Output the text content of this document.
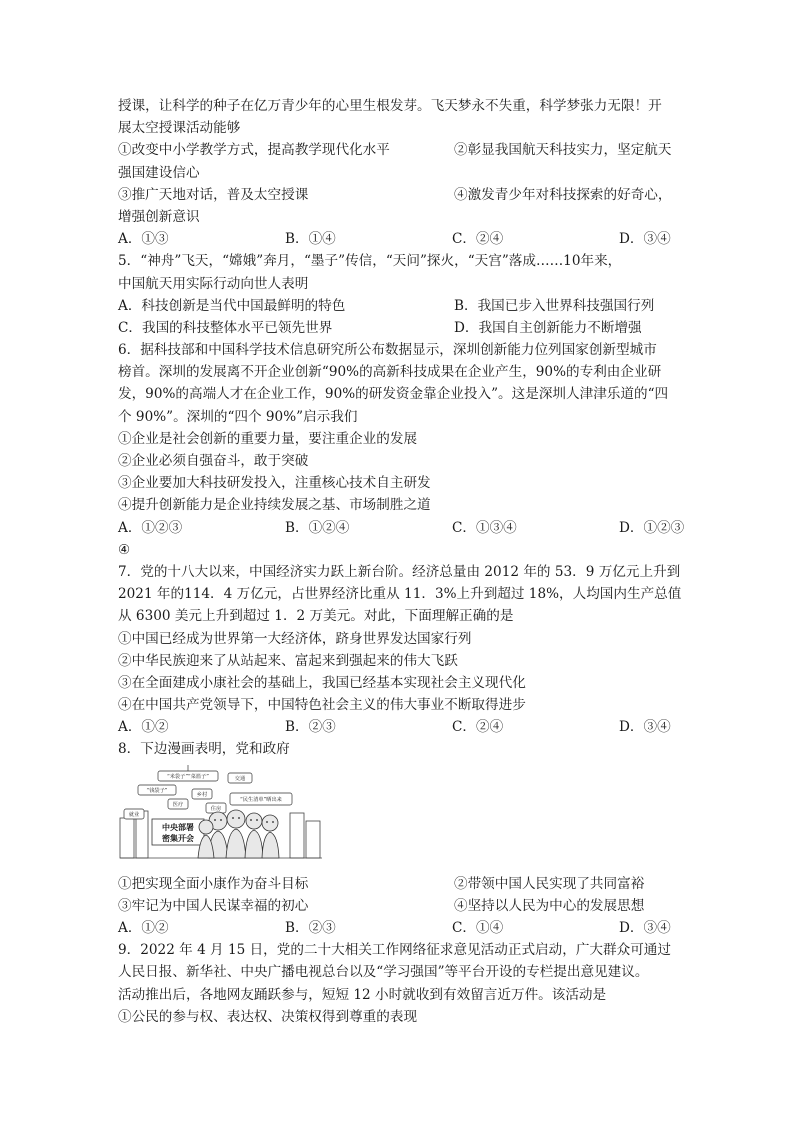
授课，让科学的种子在亿万青少年的心里生根发芽。飞天梦永不失重，科学梦张力无限！开
展太空授课活动能够
①改变中小学教学方式，提高教学现代化水平	②彰显我国航天科技实力，坚定航天
强国建设信心
③推广天地对话，普及太空授课	④激发青少年对科技探索的好奇心，
增强创新意识
A．①③	B．①④	C．②④	D．③④
5．“神舟”飞天，“嫦娥”奔月，“墨子”传信，“天问”探火，“天宫”落成……10年来，
中国航天用实际行动向世人表明
A．科技创新是当代中国最鲜明的特色	B．我国已步入世界科技强国行列
C．我国的科技整体水平已领先世界	D．我国自主创新能力不断增强
6．据科技部和中国科学技术信息研究所公布数据显示，深圳创新能力位列国家创新型城市
榜首。深圳的发展离不开企业创新“90%的高新科技成果在企业产生，90%的专利由企业研
发，90%的高端人才在企业工作，90%的研发资金靠企业投入”。这是深圳人津津乐道的“四
个 90%”。深圳的“四个 90%”启示我们
①企业是社会创新的重要力量，要注重企业的发展
②企业必须自强奋斗，敢于突破
③企业要加大科技研发投入，注重核心技术自主研发
④提升创新能力是企业持续发展之基、市场制胜之道
A．①②③	B．①②④	C．①③④	D．①②③
④
7．党的十八大以来，中国经济实力跃上新台阶。经济总量由 2012 年的 53．9 万亿元上升到
2021 年的114．4 万亿元，占世界经济比重从 11．3%上升到超过 18%，人均国内生产总值
从 6300 美元上升到超过 1．2 万美元。对此，下面理解正确的是
①中国已经成为世界第一大经济体，跻身世界发达国家行列
②中华民族迎来了从站起来、富起来到强起来的伟大飞跃
③在全面建成小康社会的基础上，我国已经基本实现社会主义现代化
④在中国共产党领导下，中国特色社会主义的伟大事业不断取得进步
A．①②	B．②③	C．②④	D．③④
8．下边漫画表明，党和政府
“米袋子”“菜篮子”
“钱袋子”
乡村
交通
医疗
住房
就业
“民生清单”晒出来
中央部署
密集开会
①把实现全面小康作为奋斗目标	②带领中国人民实现了共同富裕
③牢记为中国人民谋幸福的初心	④坚持以人民为中心的发展思想
A．①②	B．②③	C．①④	D．③④
9．2022 年 4 月 15 日，党的二十大相关工作网络征求意见活动正式启动，广大群众可通过
人民日报、新华社、中央广播电视总台以及“学习强国”等平台开设的专栏提出意见建议。
活动推出后，各地网友踊跃参与，短短 12 小时就收到有效留言近万件。该活动是
①公民的参与权、表达权、决策权得到尊重的表现
